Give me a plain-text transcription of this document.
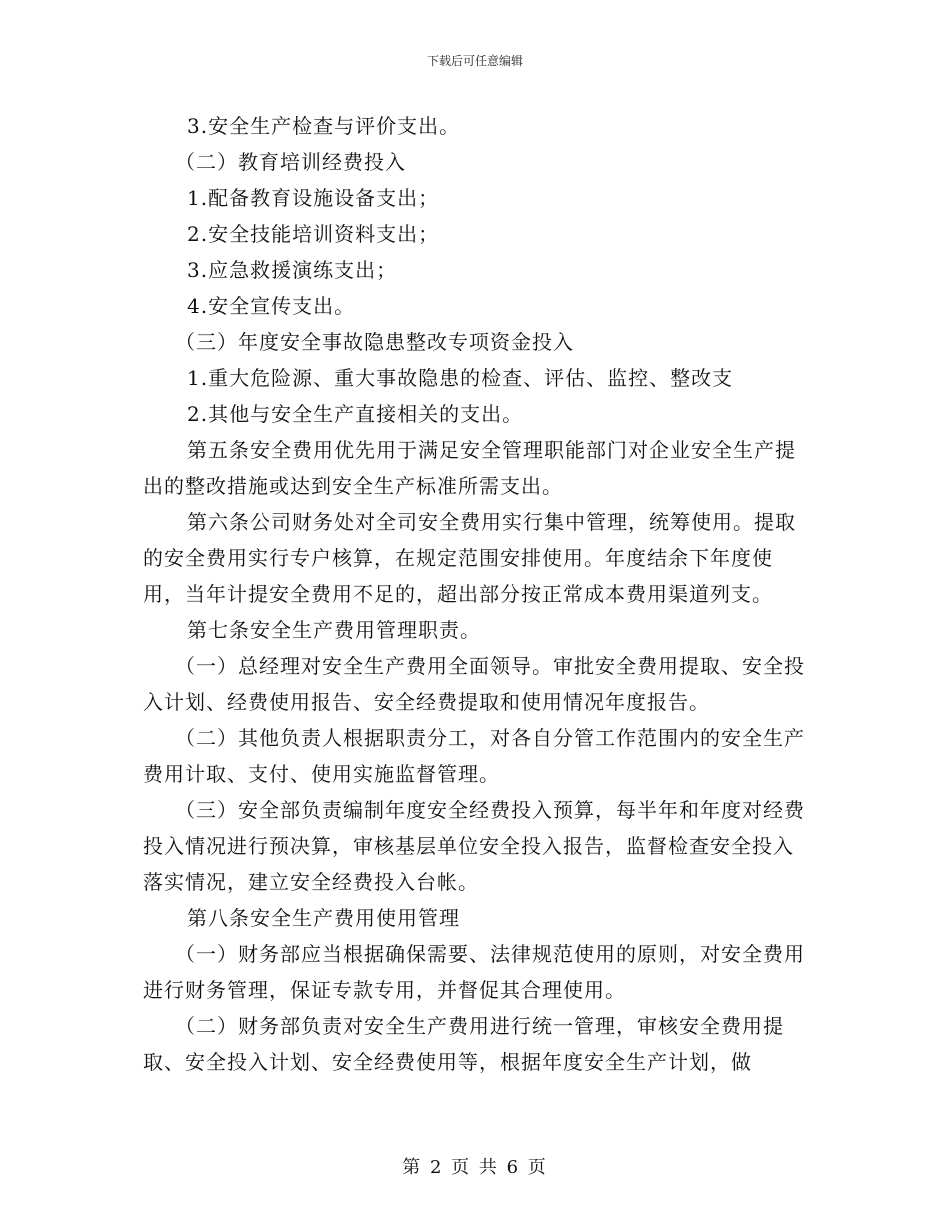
下载后可任意编辑

3.安全生产检查与评价支出。

（二）教育培训经费投入

1.配备教育设施设备支出；

2.安全技能培训资料支出；

3.应急救援演练支出；

4.安全宣传支出。

（三）年度安全事故隐患整改专项资金投入

1.重大危险源、重大事故隐患的检查、评估、监控、整改支

2.其他与安全生产直接相关的支出。

第五条安全费用优先用于满足安全管理职能部门对企业安全生产提出的整改措施或达到安全生产标准所需支出。

第六条公司财务处对全司安全费用实行集中管理，统筹使用。提取的安全费用实行专户核算，在规定范围安排使用。年度结余下年度使用，当年计提安全费用不足的，超出部分按正常成本费用渠道列支。

第七条安全生产费用管理职责。

（一）总经理对安全生产费用全面领导。审批安全费用提取、安全投入计划、经费使用报告、安全经费提取和使用情况年度报告。

（二）其他负责人根据职责分工，对各自分管工作范围内的安全生产费用计取、支付、使用实施监督管理。

（三）安全部负责编制年度安全经费投入预算，每半年和年度对经费投入情况进行预决算，审核基层单位安全投入报告，监督检查安全投入落实情况，建立安全经费投入台帐。

第八条安全生产费用使用管理

（一）财务部应当根据确保需要、法律规范使用的原则，对安全费用进行财务管理，保证专款专用，并督促其合理使用。

（二）财务部负责对安全生产费用进行统一管理，审核安全费用提取、安全投入计划、安全经费使用等，根据年度安全生产计划，做

第 2 页 共 6 页
